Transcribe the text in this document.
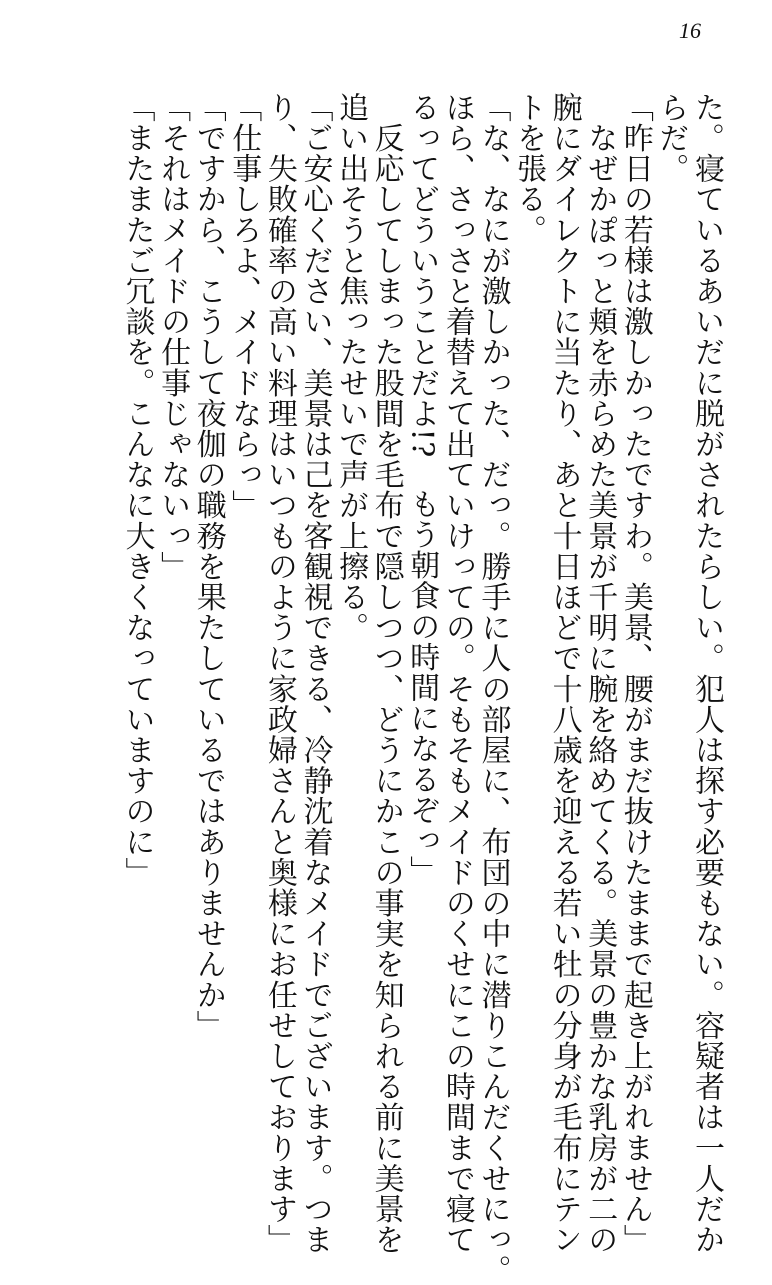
16
た。寝ているあいだに脱がされたらしい。犯人は探す必要もない。容疑者は一人だか
らだ。
「昨日の若様は激しかったですわ。美景、腰がまだ抜けたままで起き上がれません」
　なぜかぽっと頬を赤らめた美景が千明に腕を絡めてくる。美景の豊かな乳房が二の
腕にダイレクトに当たり、あと十日ほどで十八歳を迎える若い牡の分身が毛布にテン
トを張る。
「な、なにが激しかった、だっ。勝手に人の部屋に、布団の中に潜りこんだくせにっ。
ほら、さっさと着替えて出ていけっての。そもそもメイドのくせにこの時間まで寝て
るってどういうことだよ!?　もう朝食の時間になるぞっ」
　反応してしまった股間を毛布で隠しつつ、どうにかこの事実を知られる前に美景を
追い出そうと焦ったせいで声が上擦る。
「ご安心ください、美景は己を客観視できる、冷静沈着なメイドでございます。つま
り、失敗確率の高い料理はいつものように家政婦さんと奥様にお任せしております」
「仕事しろよ、メイドならっ」
「ですから、こうして夜伽の職務を果たしているではありませんか」
「それはメイドの仕事じゃないっ」
「またまたご冗談を。こんなに大きくなっていますのに」
